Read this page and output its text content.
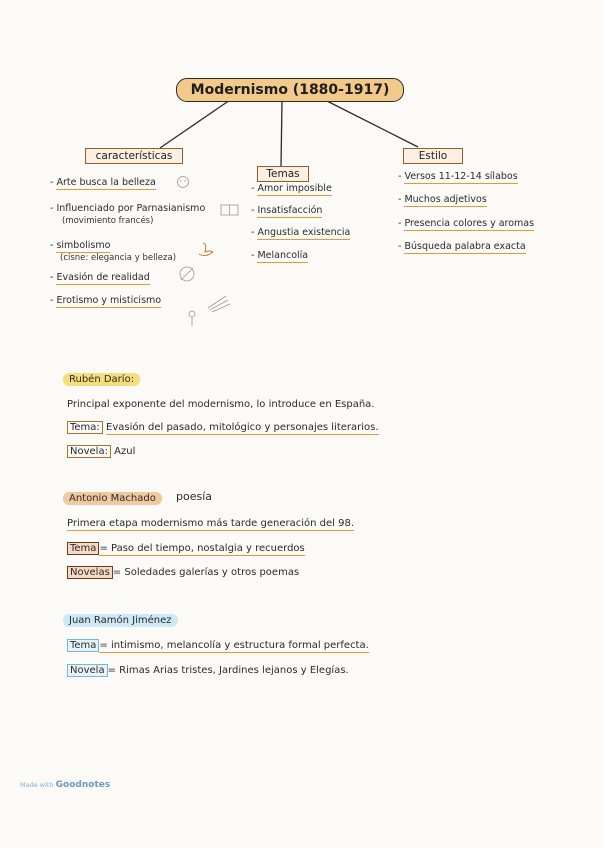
Modernismo (1880-1917)
características
Temas
Estilo
- Arte busca la belleza
- Influenciado por Parnasianismo
(movimiento francés)
- simbolismo
(cisne: elegancia y belleza)
- Evasión de realidad
- Erotismo y misticismo
- Amor imposible
- Insatisfacción
- Angustia existencia
- Melancolía
- Versos 11-12-14 sílabos
- Muchos adjetivos
- Presencia colores y aromas
- Búsqueda palabra exacta
Rubén Darío:
Principal exponente del modernismo, lo introduce en España.
Tema: Evasión del pasado, mitológico y personajes literarios.
Novela: Azul
Antonio Machado	poesía
Primera etapa modernismo más tarde generación del 98.
Tema = Paso del tiempo, nostalgia y recuerdos
Novelas = Soledades galerías y otros poemas
Juan Ramón Jiménez
Tema = intimismo, melancolía y estructura formal perfecta.
Novela = Rimas Arias tristes, Jardines lejanos y Elegías.
Made with Goodnotes
